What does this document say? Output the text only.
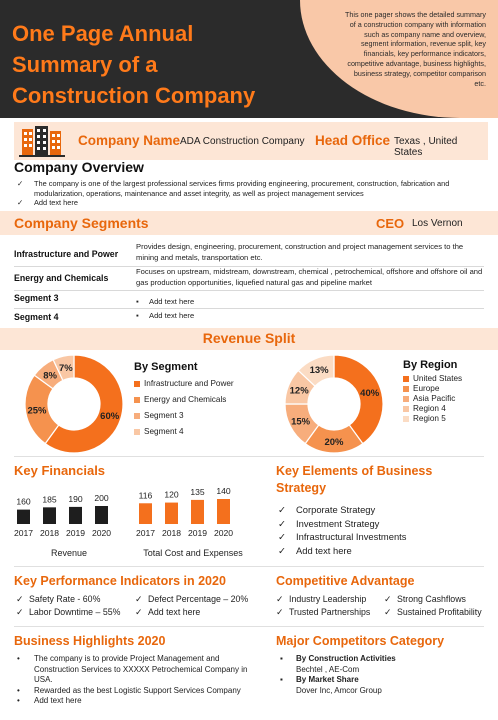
One Page Annual
Summary of a
Construction Company
This one pager shows the detailed summary of a construction company with information such as company name and overview, segment information, revenue split, key financials, key performance indicators, competitive advantage, business highlights, business strategy, competitor comparison etc.
Company Name ADA Construction Company Head Office Texas , United States
Company Overview
✓ The company is one of the largest professional services firms providing engineering, procurement, construction, fabrication and modularization, operations, maintenance and asset integrity, as well as project management services
✓ Add text here
Company Segments	CEO Los Vernon
Infrastructure and Power
Provides design, engineering, procurement, construction and project management services to the mining and metals, transportation etc.
Energy and Chemicals
Focuses on upstream, midstream, downstream, chemical , petrochemical, offshore and offshore oil and gas production opportunities, liquefied natural gas and pipeline market
Segment 3	▪ Add text here
Segment 4	▪ Add text here
Revenue Split
60%
25%
8%
7%	By Segment
Infrastructure and Power
Energy and Chemicals
Segment 3
Segment 4
40%
20%
15%
12%
13%	By Region
United States
Europe
Asia Pacific
Region 4
Region 5
Key Financials
160
2017
185
2018
190
2019
200
2020
Revenue
116
2017
120
2018
135
2019
140
2020
Total Cost and Expenses
Key Elements of Business
Strategy
✓ Corporate Strategy
✓ Investment Strategy
✓ Infrastructural Investments
✓ Add text here
Key Performance Indicators in 2020
✓ Safety Rate - 60%
✓ Labor Downtime – 55%
✓ Defect Percentage – 20%
✓ Add text here
Competitive Advantage
✓ Industry Leadership
✓ Trusted Partnerships
✓ Strong Cashflows
✓ Sustained Profitability
Business Highlights 2020
• The company is to provide Project Management and Construction Services to XXXXX Petrochemical Company in USA.
• Rewarded as the best Logistic Support Services Company
• Add text here
Major Competitors Category
▪ By Construction Activities
Bechtel , AE-Com
▪ By Market Share
Dover Inc, Amcor Group
